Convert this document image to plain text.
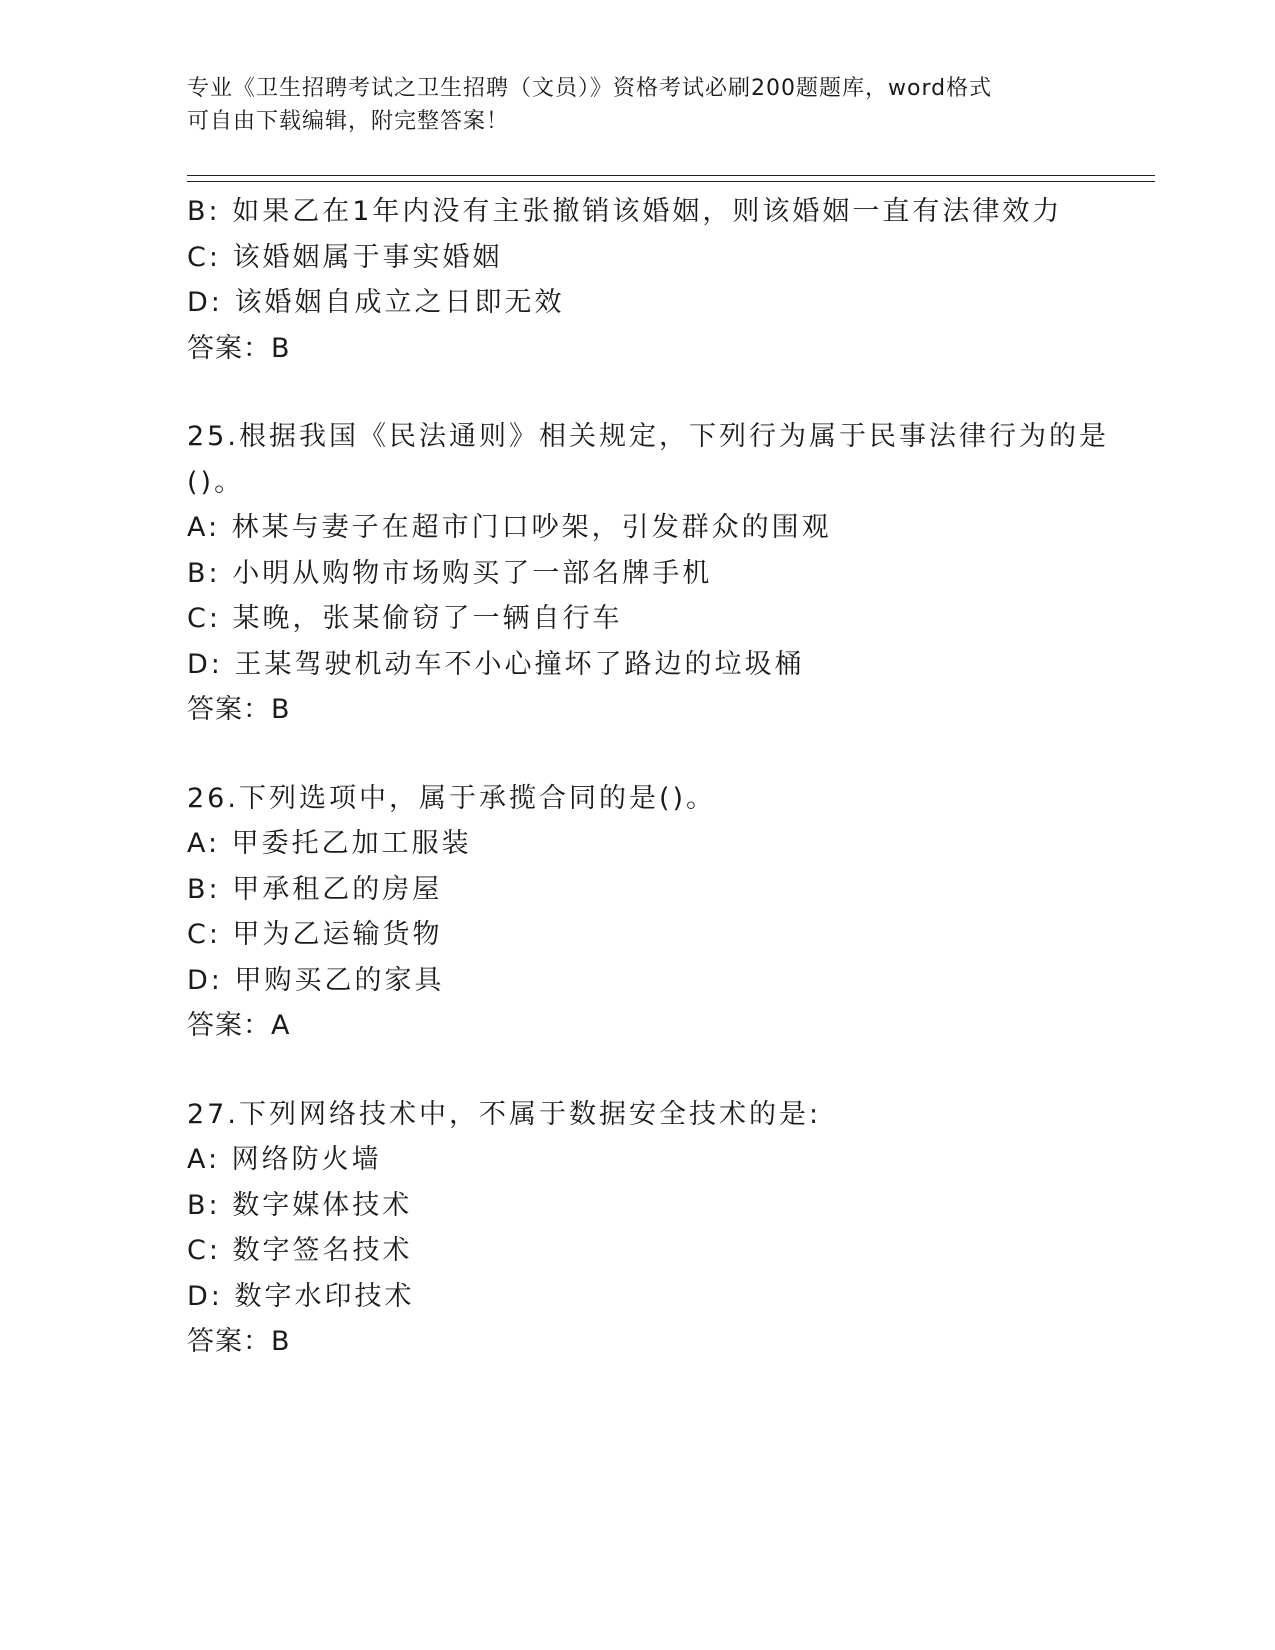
专业《卫生招聘考试之卫生招聘（文员）》资格考试必刷200题题库，word格式
可自由下载编辑，附完整答案！
B: 如果乙在1年内没有主张撤销该婚姻，则该婚姻一直有法律效力
C: 该婚姻属于事实婚姻
D: 该婚姻自成立之日即无效
答案：B
25.根据我国《民法通则》相关规定，下列行为属于民事法律行为的是
()。
A: 林某与妻子在超市门口吵架，引发群众的围观
B: 小明从购物市场购买了一部名牌手机
C: 某晚，张某偷窃了一辆自行车
D: 王某驾驶机动车不小心撞坏了路边的垃圾桶
答案：B
26.下列选项中，属于承揽合同的是()。
A: 甲委托乙加工服装
B: 甲承租乙的房屋
C: 甲为乙运输货物
D: 甲购买乙的家具
答案：A
27.下列网络技术中，不属于数据安全技术的是:
A: 网络防火墙
B: 数字媒体技术
C: 数字签名技术
D: 数字水印技术
答案：B
